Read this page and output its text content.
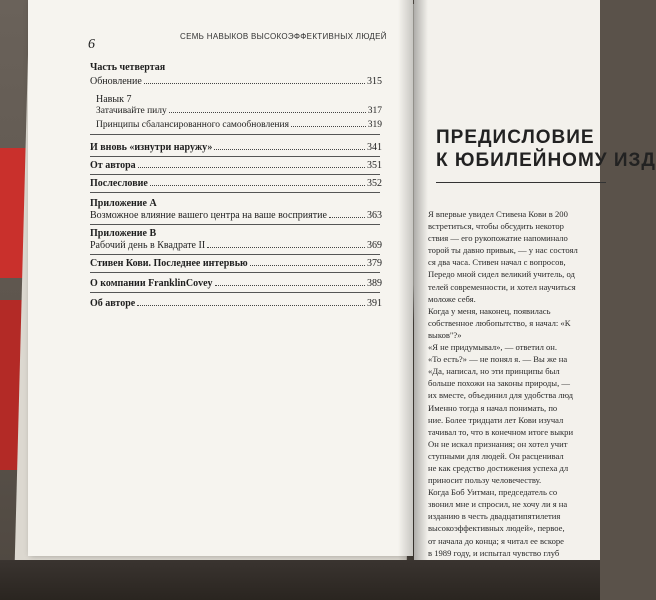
6
СЕМЬ НАВЫКОВ ВЫСОКОЭФФЕКТИВНЫХ ЛЮДЕЙ
Часть четвертая
Обновление	315
Навык 7
Затачивайте пилу	317
Принципы сбалансированного самообновления	319
И вновь «изнутри наружу»	341
От автора	351
Послесловие	352
Приложение А
Возможное влияние вашего центра на ваше восприятие	363
Приложение В
Рабочий день в Квадрате II	369
Стивен Кови. Последнее интервью	379
О компании FranklinCovey	389
Об авторе	391
ПРЕДИСЛОВИЕ
К ЮБИЛЕЙНОМУ ИЗД
Я впервые увидел Стивена Кови в 200
встретиться, чтобы обсудить некотор
ствия — его рукопожатие напоминало
торой ты давно привык, — у нас состоял
ся два часа. Стивен начал с вопросов,
Передо мной сидел великий учитель, од
телей современности, и хотел научиться
моложе себя.
Когда у меня, наконец, появилась
собственное любопытство, я начал: «К
выков"?»
«Я не придумывал», — ответил он.
«То есть?» — не понял я. — Вы же на
«Да, написал, но эти принципы был
больше похожи на законы природы, —
их вместе, объединил для удобства люд
Именно тогда я начал понимать, по
ние. Более тридцати лет Кови изучал
тачивал то, что в конечном итоге выкри
Он не искал признания; он хотел учит
ступными для людей. Он расценивал
не как средство достижения успеха дл
приносит пользу человечеству.
Когда Боб Уитман, председатель со
звонил мне и спросил, не хочу ли я на
изданию в честь двадцатипятилетия
высокоэффективных людей», первое,
от начала до конца; я читал ее вскоре
в 1989 году, и испытал чувство глуб
